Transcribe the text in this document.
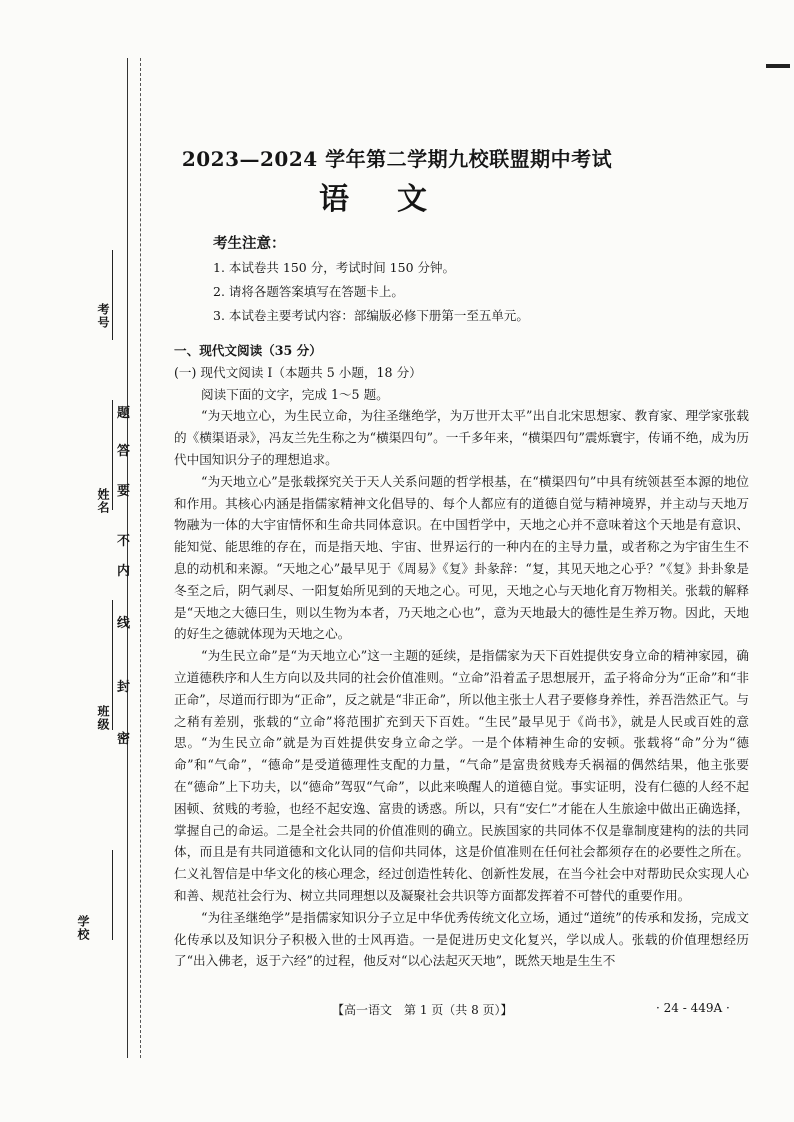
考号
姓名
班级
学校
密
封
线
内
不
要
答
题
2023—2024 学年第二学期九校联盟期中考试
语文
考生注意：
1. 本试卷共 150 分，考试时间 150 分钟。
2. 请将各题答案填写在答题卡上。
3. 本试卷主要考试内容：部编版必修下册第一至五单元。

一、现代文阅读（35 分）

(一) 现代文阅读 Ⅰ（本题共 5 小题，18 分）

阅读下面的文字，完成 1～5 题。

“为天地立心，为生民立命，为往圣继绝学，为万世开太平”出自北宋思想家、教育家、理学家张载的《横渠语录》，冯友兰先生称之为“横渠四句”。一千多年来，“横渠四句”震烁寰宇，传诵不绝，成为历代中国知识分子的理想追求。

“为天地立心”是张载探究关于天人关系问题的哲学根基，在“横渠四句”中具有统领甚至本源的地位和作用。其核心内涵是指儒家精神文化倡导的、每个人都应有的道德自觉与精神境界，并主动与天地万物融为一体的大宇宙情怀和生命共同体意识。在中国哲学中，天地之心并不意味着这个天地是有意识、能知觉、能思维的存在，而是指天地、宇宙、世界运行的一种内在的主导力量，或者称之为宇宙生生不息的动机和来源。“天地之心”最早见于《周易》《复》卦彖辞：“复，其见天地之心乎？”《复》卦卦象是冬至之后，阴气剥尽、一阳复始所见到的天地之心。可见，天地之心与天地化育万物相关。张载的解释是“天地之大德曰生，则以生物为本者，乃天地之心也”，意为天地最大的德性是生养万物。因此，天地的好生之德就体现为天地之心。

“为生民立命”是“为天地立心”这一主题的延续，是指儒家为天下百姓提供安身立命的精神家园，确立道德秩序和人生方向以及共同的社会价值准则。“立命”沿着孟子思想展开，孟子将命分为“正命”和“非正命”，尽道而行即为“正命”，反之就是“非正命”，所以他主张士人君子要修身养性，养吾浩然正气。与之稍有差别，张载的“立命”将范围扩充到天下百姓。“生民”最早见于《尚书》，就是人民或百姓的意思。“为生民立命”就是为百姓提供安身立命之学。一是个体精神生命的安顿。张载将“命”分为“德命”和“气命”，“德命”是受道德理性支配的力量，“气命”是富贵贫贱寿夭祸福的偶然结果，他主张要在“德命”上下功夫，以“德命”驾驭“气命”，以此来唤醒人的道德自觉。事实证明，没有仁德的人经不起困顿、贫贱的考验，也经不起安逸、富贵的诱惑。所以，只有“安仁”才能在人生旅途中做出正确选择，掌握自己的命运。二是全社会共同的价值准则的确立。民族国家的共同体不仅是靠制度建构的法的共同体，而且是有共同道德和文化认同的信仰共同体，这是价值准则在任何社会都须存在的必要性之所在。仁义礼智信是中华文化的核心理念，经过创造性转化、创新性发展，在当今社会中对帮助民众实现人心和善、规范社会行为、树立共同理想以及凝聚社会共识等方面都发挥着不可替代的重要作用。

“为往圣继绝学”是指儒家知识分子立足中华优秀传统文化立场，通过“道统”的传承和发扬，完成文化传承以及知识分子积极入世的士风再造。一是促进历史文化复兴，学以成人。张载的价值理想经历了“出入佛老，返于六经”的过程，他反对“以心法起灭天地”，既然天地是生生不

【高一语文　第 1 页（共 8 页）】	· 24 - 449A ·
